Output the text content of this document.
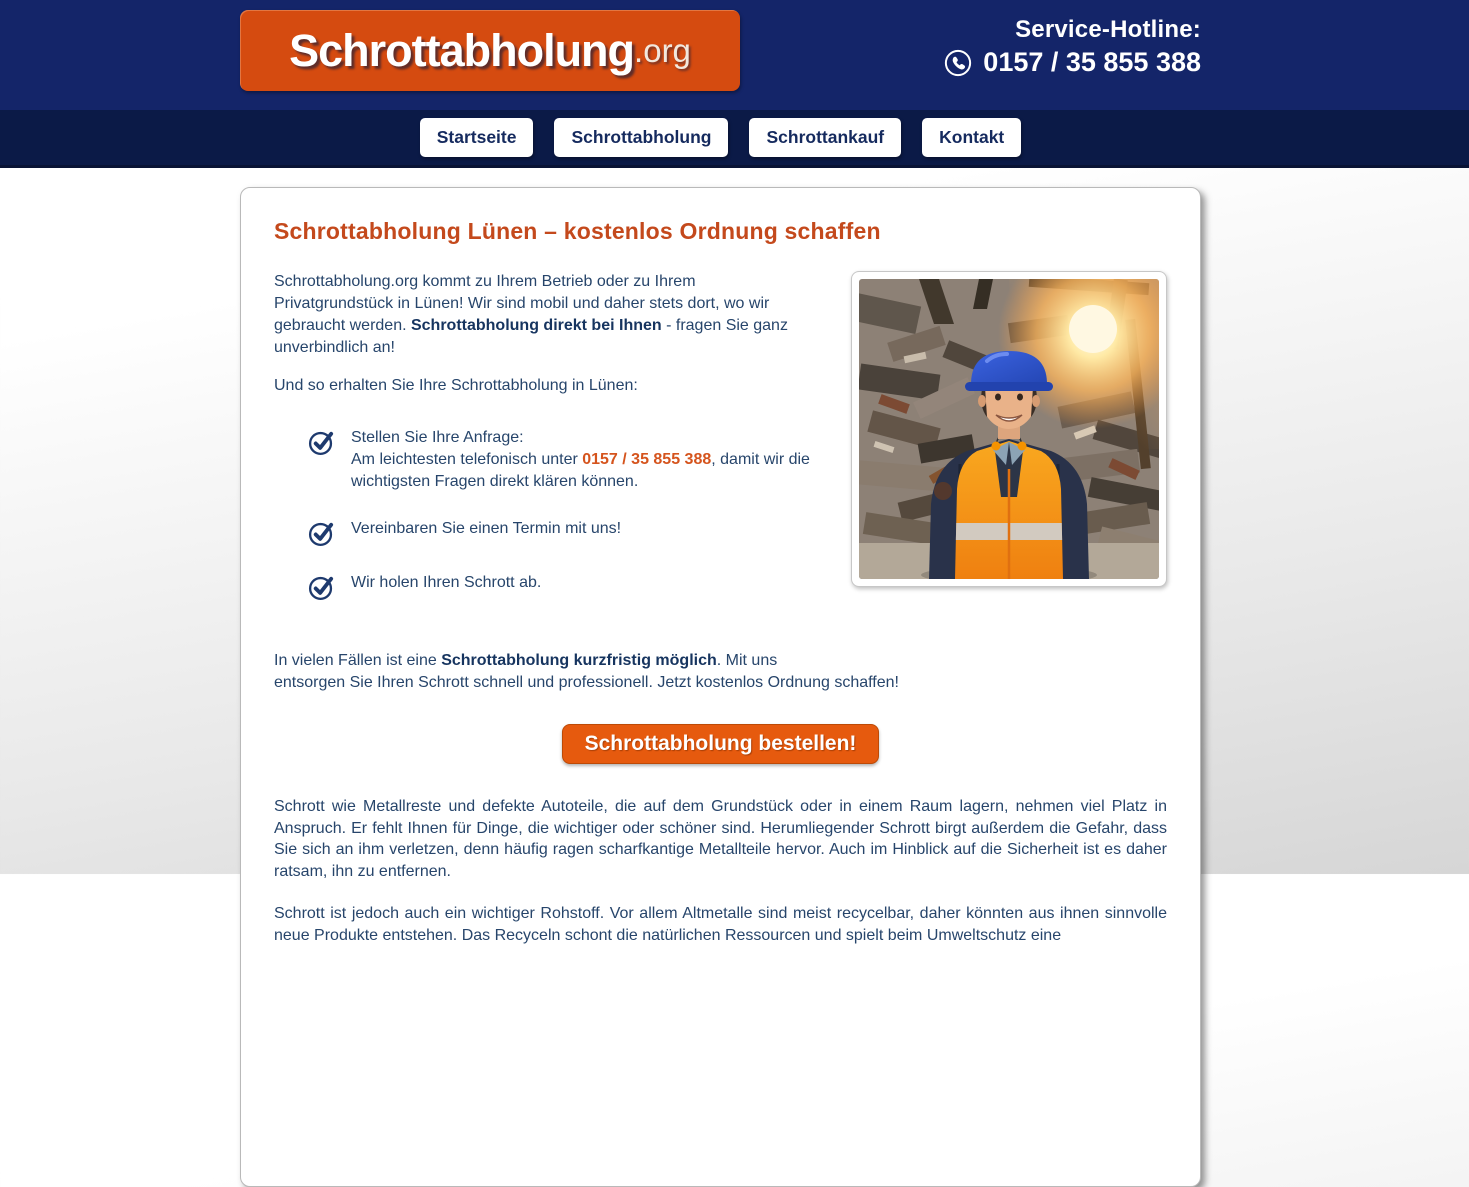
Schrottabholung .org
Service-Hotline:
0157 / 35 855 388
Startseite	Schrottabholung	Schrottankauf	Kontakt
Schrottabholung Lünen – kostenlos Ordnung schaffen

Schrottabholung.org kommt zu Ihrem Betrieb oder zu Ihrem Privatgrundstück in Lünen! Wir sind mobil und daher stets dort, wo wir gebraucht werden. Schrottabholung direkt bei Ihnen - fragen Sie ganz unverbindlich an!

Und so erhalten Sie Ihre Schrottabholung in Lünen:

Stellen Sie Ihre Anfrage:
Am leichtesten telefonisch unter 0157 / 35 855 388, damit wir die wichtigsten Fragen direkt klären können.
Vereinbaren Sie einen Termin mit uns!
Wir holen Ihren Schrott ab.

In vielen Fällen ist eine Schrottabholung kurzfristig möglich. Mit uns
entsorgen Sie Ihren Schrott schnell und professionell. Jetzt kostenlos Ordnung schaffen!

Schrottabholung bestellen!

Schrott wie Metallreste und defekte Autoteile, die auf dem Grundstück oder in einem Raum lagern, nehmen viel Platz in Anspruch. Er fehlt Ihnen für Dinge, die wichtiger oder schöner sind. Herumliegender Schrott birgt außerdem die Gefahr, dass Sie sich an ihm verletzen, denn häufig ragen scharfkantige Metallteile hervor. Auch im Hinblick auf die Sicherheit ist es daher ratsam, ihn zu entfernen.

Schrott ist jedoch auch ein wichtiger Rohstoff. Vor allem Altmetalle sind meist recycelbar, daher könnten aus ihnen sinnvolle neue Produkte entstehen. Das Recyceln schont die natürlichen Ressourcen und spielt beim Umweltschutz eine
